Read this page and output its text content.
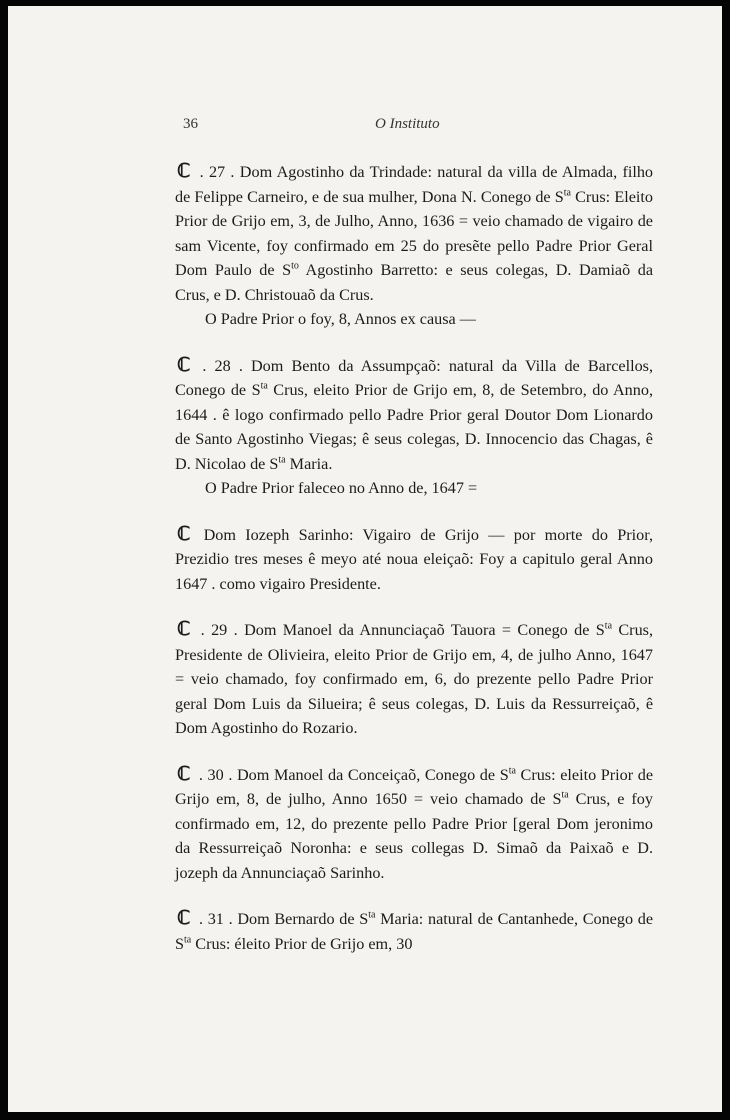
36	O Instituto

ℂ . 27 . Dom Agostinho da Trindade: natural da villa de Almada, filho de Felippe Carneiro, e de sua mulher, Dona N. Conego de $S^{ta}$ Crus: Eleito Prior de Grijo em, 3, de Julho, Anno, 1636 = veio chamado de vigairo de sam Vicente, foy confirmado em 25 do presẽte pello Padre Prior Geral Dom Paulo de $S^{to}$ Agostinho Barretto: e seus colegas, D. Damiaõ da Crus, e D. Christouaõ da Crus.

O Padre Prior o foy, 8, Annos ex causa —

ℂ . 28 . Dom Bento da Assumpçaõ: natural da Villa de Barcellos, Conego de $S^{ta}$ Crus, eleito Prior de Grijo em, 8, de Setembro, do Anno, 1644 . ê logo confirmado pello Padre Prior geral Doutor Dom Lionardo de Santo Agostinho Viegas; ê seus colegas, D. Innocencio das Chagas, ê D. Nicolao de $S^{ta}$ Maria.

O Padre Prior faleceo no Anno de, 1647 =

ℂ Dom Iozeph Sarinho: Vigairo de Grijo — por morte do Prior, Prezidio tres meses ê meyo até noua eleiçaõ: Foy a capitulo geral Anno 1647 . como vigairo Presidente.

ℂ . 29 . Dom Manoel da Annunciaçaõ Tauora = Conego de $S^{ta}$ Crus, Presidente de Olivieira, eleito Prior de Grijo em, 4, de julho Anno, 1647 = veio chamado, foy confirmado em, 6, do prezente pello Padre Prior geral Dom Luis da Silueira; ê seus colegas, D. Luis da Ressurreiçaõ, ê Dom Agostinho do Rozario.

ℂ . 30 . Dom Manoel da Conceiçaõ, Conego de $S^{ta}$ Crus: eleito Prior de Grijo em, 8, de julho, Anno 1650 = veio chamado de $S^{ta}$ Crus, e foy confirmado em, 12, do prezente pello Padre Prior [geral Dom jeronimo da Ressurreiçaõ Noronha: e seus collegas D. Simaõ da Paixaõ e D. jozeph da Annunciaçaõ Sarinho.

ℂ . 31 . Dom Bernardo de $S^{ta}$ Maria: natural de Cantanhede, Conego de $S^{ta}$ Crus: éleito Prior de Grijo em, 30
